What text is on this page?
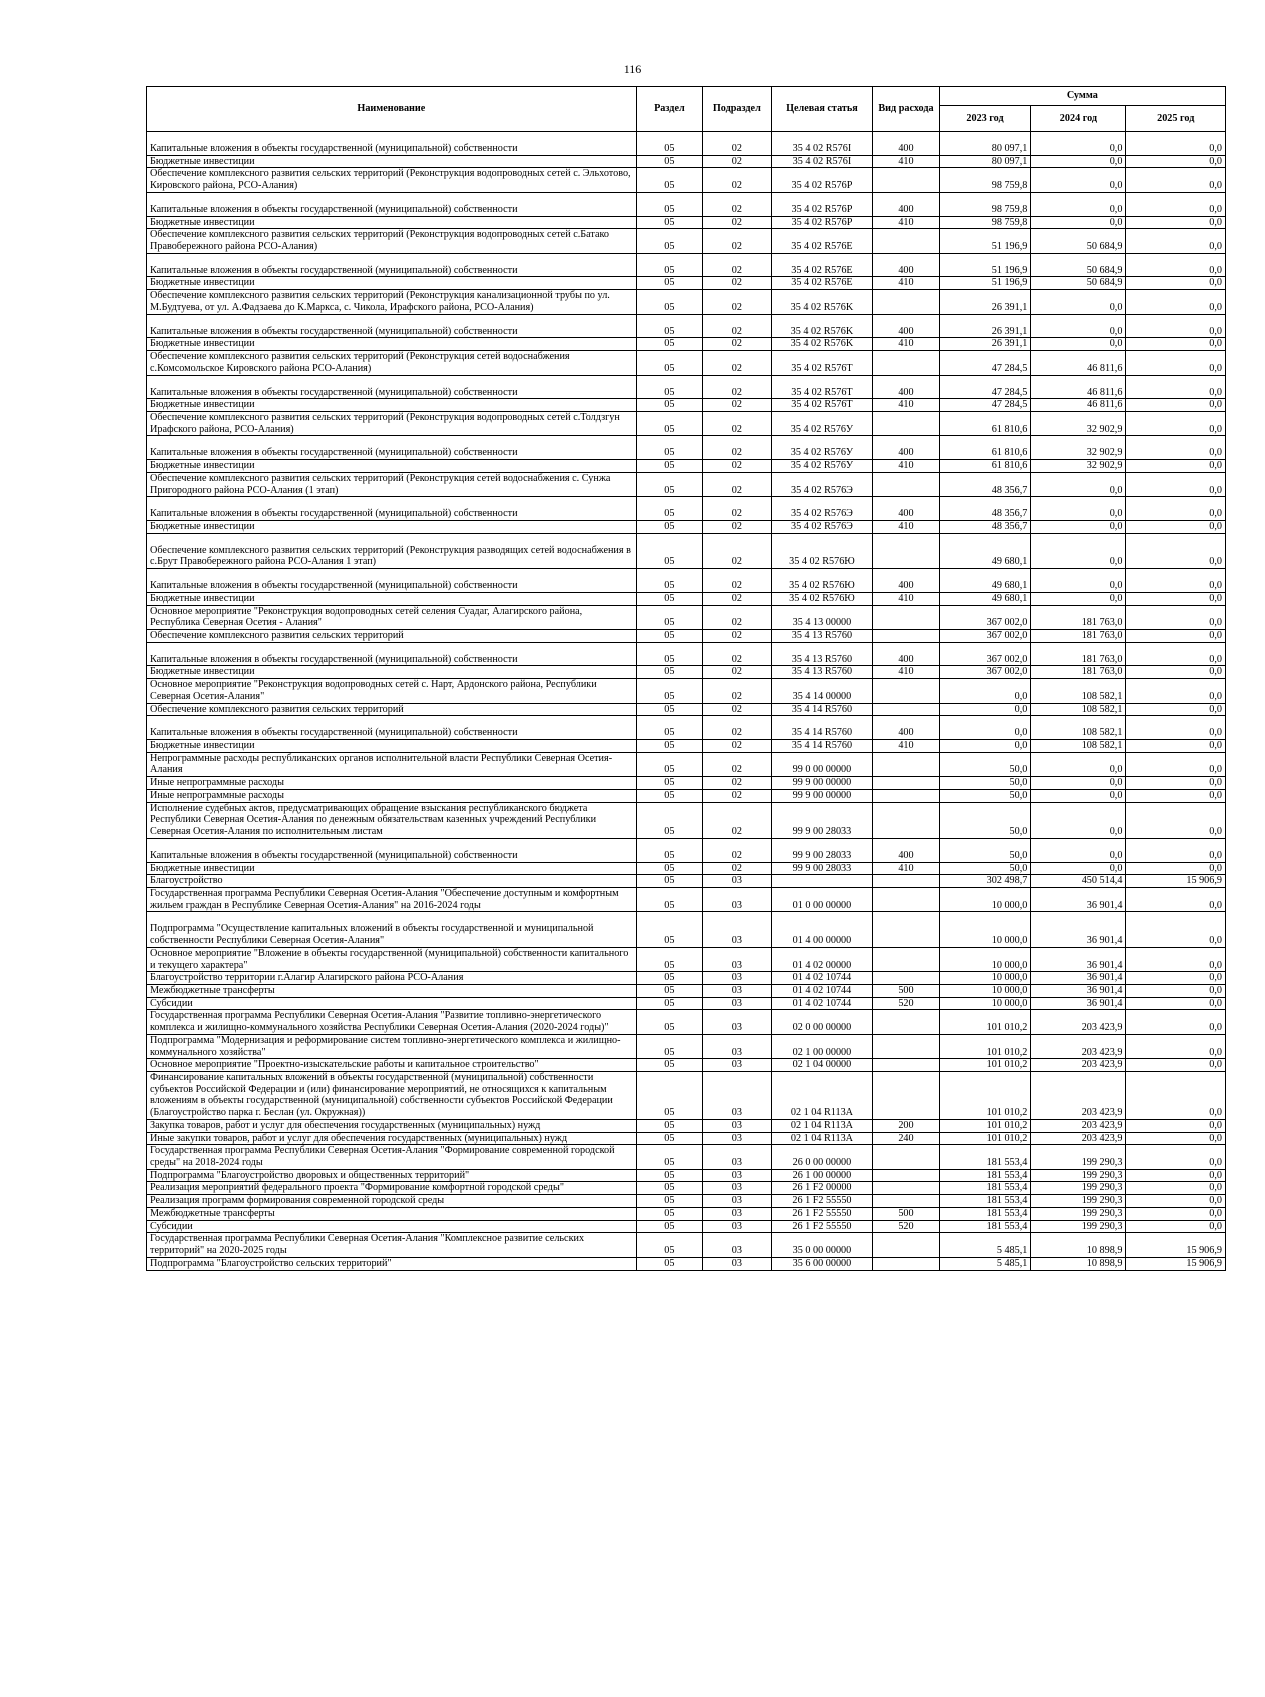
116
Наименование	Раздел	Подраздел	Целевая статья	Вид расхода	Сумма		
					2023 год	2024 год	2025 год

Капитальные вложения в объекты государственной (муниципальной) собственности	05	02	35 4 02 R576I	400	80 097,1	0,0	0,0
Бюджетные инвестиции	05	02	35 4 02 R576I	410	80 097,1	0,0	0,0
Обеспечение комплексного развития сельских территорий (Реконструкция водопроводных сетей с. Эльхотово, Кировского района, РСО-Алания)	05	02	35 4 02 R576P		98 759,8	0,0	0,0

Капитальные вложения в объекты государственной (муниципальной) собственности	05	02	35 4 02 R576P	400	98 759,8	0,0	0,0
Бюджетные инвестиции	05	02	35 4 02 R576P	410	98 759,8	0,0	0,0
Обеспечение комплексного развития сельских территорий (Реконструкция водопроводных сетей с.Батако Правобережного района РСО-Алания)	05	02	35 4 02 R576E		51 196,9	50 684,9	0,0

Капитальные вложения в объекты государственной (муниципальной) собственности	05	02	35 4 02 R576E	400	51 196,9	50 684,9	0,0
Бюджетные инвестиции	05	02	35 4 02 R576E	410	51 196,9	50 684,9	0,0
Обеспечение комплексного развития сельских территорий (Реконструкция канализационной трубы по ул. М.Будтуева, от ул. А.Фадзаева до К.Маркса, с. Чикола, Ирафского района, РСО-Алания)	05	02	35 4 02 R576K		26 391,1	0,0	0,0

Капитальные вложения в объекты государственной (муниципальной) собственности	05	02	35 4 02 R576K	400	26 391,1	0,0	0,0
Бюджетные инвестиции	05	02	35 4 02 R576K	410	26 391,1	0,0	0,0
Обеспечение комплексного развития сельских территорий (Реконструкция сетей водоснабжения с.Комсомольское Кировского района РСО-Алания)	05	02	35 4 02 R576T		47 284,5	46 811,6	0,0

Капитальные вложения в объекты государственной (муниципальной) собственности	05	02	35 4 02 R576T	400	47 284,5	46 811,6	0,0
Бюджетные инвестиции	05	02	35 4 02 R576T	410	47 284,5	46 811,6	0,0
Обеспечение комплексного развития сельских территорий (Реконструкция водопроводных сетей с.Толдзгун Ирафского района, РСО-Алания)	05	02	35 4 02 R576У		61 810,6	32 902,9	0,0

Капитальные вложения в объекты государственной (муниципальной) собственности	05	02	35 4 02 R576У	400	61 810,6	32 902,9	0,0
Бюджетные инвестиции	05	02	35 4 02 R576У	410	61 810,6	32 902,9	0,0
Обеспечение комплексного развития сельских территорий (Реконструкция сетей водоснабжения с. Сунжа Пригородного района РСО-Алания (1 этап)	05	02	35 4 02 R576Э		48 356,7	0,0	0,0

Капитальные вложения в объекты государственной (муниципальной) собственности	05	02	35 4 02 R576Э	400	48 356,7	0,0	0,0
Бюджетные инвестиции	05	02	35 4 02 R576Э	410	48 356,7	0,0	0,0

Обеспечение комплексного развития сельских территорий (Реконструкция разводящих сетей водоснабжения в с.Брут Правобережного района РСО-Алания 1 этап)	05	02	35 4 02 R576Ю		49 680,1	0,0	0,0

Капитальные вложения в объекты государственной (муниципальной) собственности	05	02	35 4 02 R576Ю	400	49 680,1	0,0	0,0
Бюджетные инвестиции	05	02	35 4 02 R576Ю	410	49 680,1	0,0	0,0
Основное мероприятие "Реконструкция водопроводных сетей селения Суадаг, Алагирского района, Республика Северная Осетия - Алания"	05	02	35 4 13 00000		367 002,0	181 763,0	0,0
Обеспечение комплексного развития сельских территорий	05	02	35 4 13 R5760		367 002,0	181 763,0	0,0

Капитальные вложения в объекты государственной (муниципальной) собственности	05	02	35 4 13 R5760	400	367 002,0	181 763,0	0,0
Бюджетные инвестиции	05	02	35 4 13 R5760	410	367 002,0	181 763,0	0,0
Основное мероприятие "Реконструкция водопроводных сетей с. Нарт, Ардонского района, Республики Северная Осетия-Алания"	05	02	35 4 14 00000		0,0	108 582,1	0,0
Обеспечение комплексного развития сельских территорий	05	02	35 4 14 R5760		0,0	108 582,1	0,0

Капитальные вложения в объекты государственной (муниципальной) собственности	05	02	35 4 14 R5760	400	0,0	108 582,1	0,0
Бюджетные инвестиции	05	02	35 4 14 R5760	410	0,0	108 582,1	0,0
Непрограммные расходы республиканских органов исполнительной власти Республики Северная Осетия-Алания	05	02	99 0 00 00000		50,0	0,0	0,0
Иные непрограммные расходы	05	02	99 9 00 00000		50,0	0,0	0,0
Иные непрограммные расходы	05	02	99 9 00 00000		50,0	0,0	0,0
Исполнение судебных актов, предусматривающих обращение взыскания республиканского бюджета Республики Северная Осетия-Алания по денежным обязательствам казенных учреждений Республики Северная Осетия-Алания по исполнительным листам	05	02	99 9 00 28033		50,0	0,0	0,0

Капитальные вложения в объекты государственной (муниципальной) собственности	05	02	99 9 00 28033	400	50,0	0,0	0,0
Бюджетные инвестиции	05	02	99 9 00 28033	410	50,0	0,0	0,0
Благоустройство	05	03			302 498,7	450 514,4	15 906,9
Государственная программа Республики Северная Осетия-Алания "Обеспечение доступным и комфортным жильем граждан в Республике Северная Осетия-Алания" на 2016-2024 годы	05	03	01 0 00 00000		10 000,0	36 901,4	0,0

Подпрограмма "Осуществление капитальных вложений в объекты государственной и муниципальной собственности Республики Северная Осетия-Алания"	05	03	01 4 00 00000		10 000,0	36 901,4	0,0
Основное мероприятие "Вложение в объекты государственной (муниципальной) собственности капитального и текущего характера"	05	03	01 4 02 00000		10 000,0	36 901,4	0,0
Благоустройство территории г.Алагир Алагирского района РСО-Алания	05	03	01 4 02 10744		10 000,0	36 901,4	0,0
Межбюджетные трансферты	05	03	01 4 02 10744	500	10 000,0	36 901,4	0,0
Субсидии	05	03	01 4 02 10744	520	10 000,0	36 901,4	0,0
Государственная программа Республики Северная Осетия-Алания "Развитие топливно-энергетического комплекса и жилищно-коммунального хозяйства Республики Северная Осетия-Алания (2020-2024 годы)"	05	03	02 0 00 00000		101 010,2	203 423,9	0,0
Подпрограмма "Модернизация и реформирование систем топливно-энергетического комплекса и жилищно-коммунального хозяйства"	05	03	02 1 00 00000		101 010,2	203 423,9	0,0
Основное мероприятие "Проектно-изыскательские работы и капитальное строительство"	05	03	02 1 04 00000		101 010,2	203 423,9	0,0
Финансирование капитальных вложений в объекты государственной (муниципальной) собственности субъектов Российской Федерации и (или) финансирование мероприятий, не относящихся к капитальным вложениям в объекты государственной (муниципальной) собственности субъектов Российской Федерации (Благоустройство парка г. Беслан (ул. Окружная))	05	03	02 1 04 R113A		101 010,2	203 423,9	0,0
Закупка товаров, работ и услуг для обеспечения государственных (муниципальных) нужд	05	03	02 1 04 R113A	200	101 010,2	203 423,9	0,0
Иные закупки товаров, работ и услуг для обеспечения государственных (муниципальных) нужд	05	03	02 1 04 R113A	240	101 010,2	203 423,9	0,0
Государственная программа Республики Северная Осетия-Алания "Формирование современной городской среды" на 2018-2024 годы	05	03	26 0 00 00000		181 553,4	199 290,3	0,0
Подпрограмма "Благоустройство дворовых и общественных территорий"	05	03	26 1 00 00000		181 553,4	199 290,3	0,0
Реализация мероприятий федерального проекта "Формирование комфортной городской среды"	05	03	26 1 F2 00000		181 553,4	199 290,3	0,0
Реализация программ формирования современной городской среды	05	03	26 1 F2 55550		181 553,4	199 290,3	0,0
Межбюджетные трансферты	05	03	26 1 F2 55550	500	181 553,4	199 290,3	0,0
Субсидии	05	03	26 1 F2 55550	520	181 553,4	199 290,3	0,0
Государственная программа Республики Северная Осетия-Алания "Комплексное развитие сельских территорий" на 2020-2025 годы	05	03	35 0 00 00000		5 485,1	10 898,9	15 906,9
Подпрограмма "Благоустройство сельских территорий"	05	03	35 6 00 00000		5 485,1	10 898,9	15 906,9
